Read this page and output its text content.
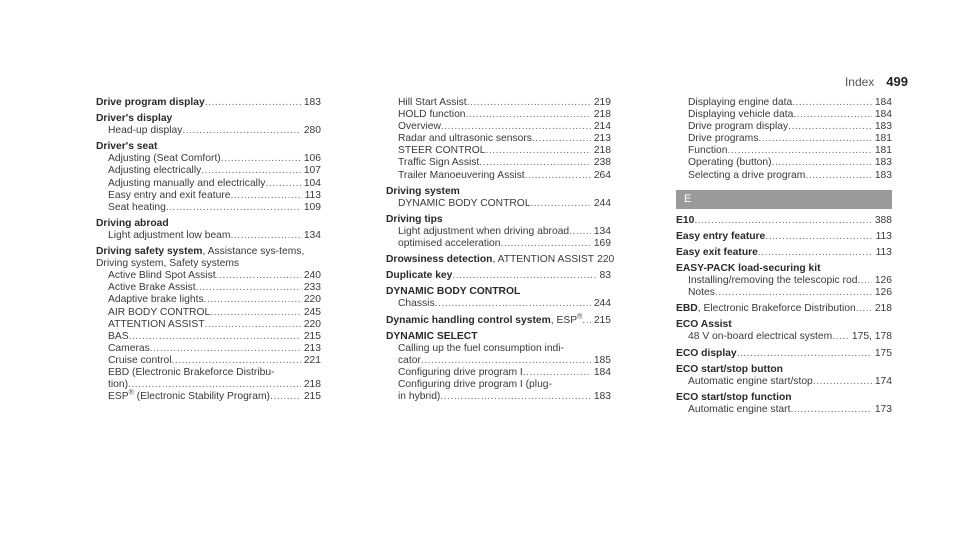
Index 499
Drive program display .....	183
Driver's display
Head-up display .....	280
Driver's seat
Adjusting (Seat Comfort) .....	106
Adjusting electrically .....	107
Adjusting manually and electrically .....	104
Easy entry and exit feature .....	113
Seat heating .....	109
Driving abroad
Light adjustment low beam .....	134
Driving safety system, Assistance sys-tems, Driving system, Safety systems
Active Blind Spot Assist .....	240
Active Brake Assist .....	233
Adaptive brake lights .....	220
AIR BODY CONTROL .....	245
ATTENTION ASSIST .....	220
BAS .....	215
Cameras .....	213
Cruise control .....	221
EBD (Electronic Brakeforce Distribu-
tion) .....	218
ESP® (Electronic Stability Program) .....	215
Hill Start Assist .....	219
HOLD function .....	218
Overview .....	214
Radar and ultrasonic sensors .....	213
STEER CONTROL .....	218
Traffic Sign Assist .....	238
Trailer Manoeuvering Assist .....	264
Driving system
DYNAMIC BODY CONTROL .....	244
Driving tips
Light adjustment when driving abroad ..... 134
optimised acceleration .....	169
Drowsiness detection, ATTENTION ASSIST 220
Duplicate key .....	83
DYNAMIC BODY CONTROL
Chassis .....	244
Dynamic handling control system, ESP® ..... 215
DYNAMIC SELECT
Calling up the fuel consumption indi-
cator .....	185
Configuring drive program I .....	184
Configuring drive program I (plug-
in hybrid) .....	183
Displaying engine data .....	184
Displaying vehicle data .....	184
Drive program display .....	183
Drive programs .....	181
Function .....	181
Operating (button) .....	183
Selecting a drive program .....	183
E
E10 .....	388
Easy entry feature .....	113
Easy exit feature .....	113
EASY-PACK load-securing kit
Installing/removing the telescopic rod ..... 126
Notes .....	126
EBD, Electronic Brakeforce Distribution ..... 218
ECO Assist
48 V on-board electrical system ..... 175, 178
ECO display .....	175
ECO start/stop button
Automatic engine start/stop .....	174
ECO start/stop function
Automatic engine start .....	173
